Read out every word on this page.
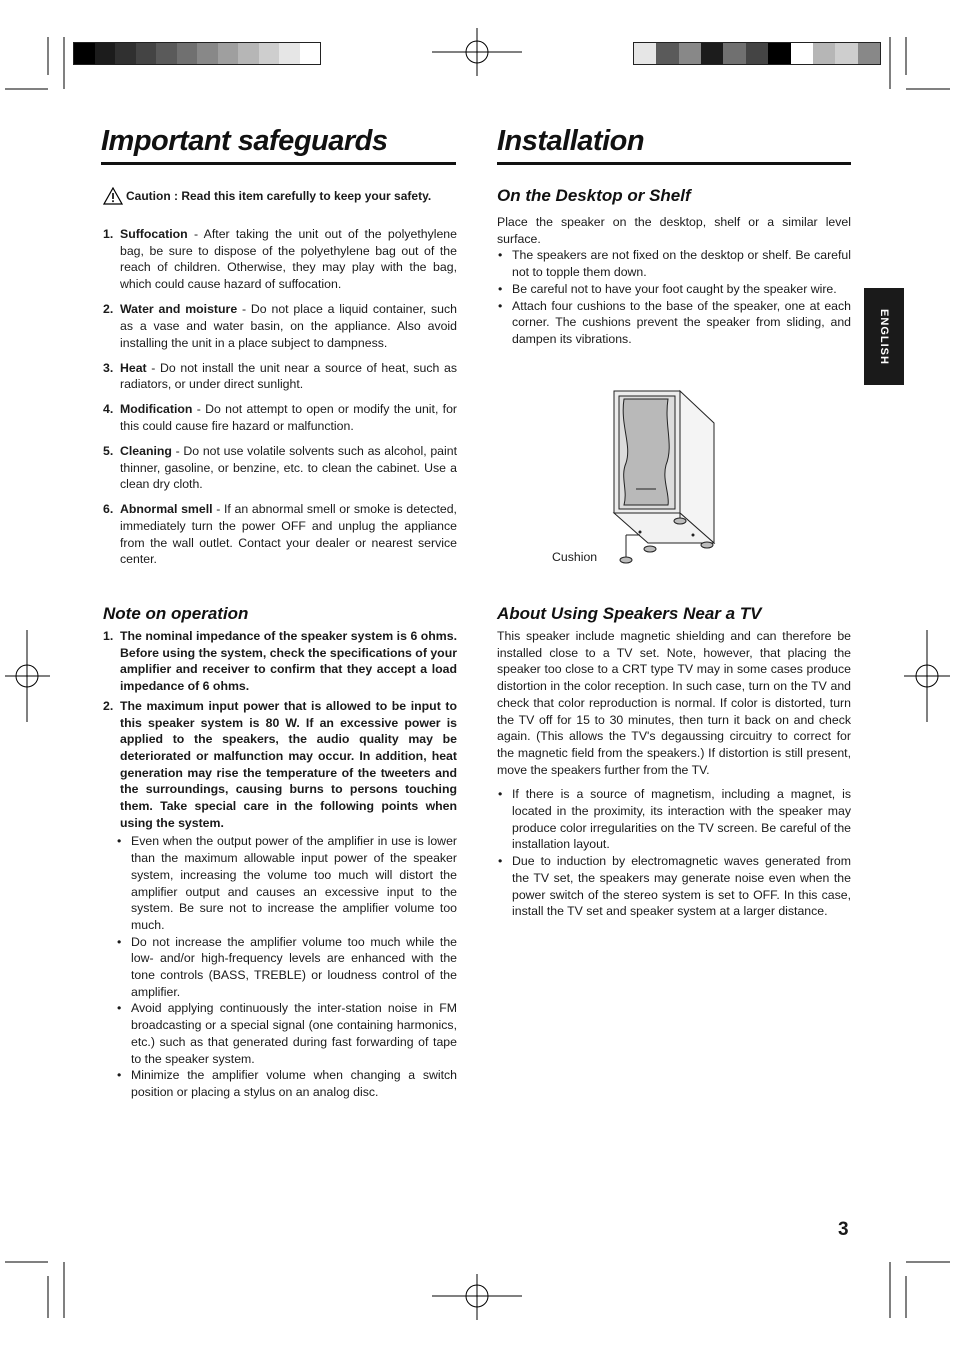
ENGLISH
Important safeguards
Caution : Read this item carefully to keep your safety.
1. Suffocation - After taking the unit out of the polyethylene bag, be sure to dispose of the polyethylene bag out of the reach of children. Otherwise, they may play with the bag, which could cause hazard of suffocation.
2. Water and moisture - Do not place a liquid container, such as a vase and water basin, on the appliance. Also avoid installing the unit in a place subject to dampness.
3. Heat - Do not install the unit near a source of heat, such as radiators, or under direct sunlight.
4. Modification - Do not attempt to open or modify the unit, for this could cause fire hazard or malfunction.
5. Cleaning - Do not use volatile solvents such as alcohol, paint thinner, gasoline, or benzine, etc. to clean the cabinet. Use a clean dry cloth.
6. Abnormal smell - If an abnormal smell or smoke is detected, immediately turn the power OFF and unplug the appliance from the wall outlet. Contact your dealer or nearest service center.
Note on operation
1. The nominal impedance of the speaker system is 6 ohms. Before using the system, check the specifications of your amplifier and receiver to confirm that they accept a load impedance of 6 ohms.
2. The maximum input power that is allowed to be input to this speaker system is 80 W. If an excessive power is applied to the speakers, the audio quality may be deteriorated or malfunction may occur. In addition, heat generation may rise the temperature of the tweeters and the surroundings, causing burns to persons touching them. Take special care in the following points when using the system.
• Even when the output power of the amplifier in use is lower than the maximum allowable input power of the speaker system, increasing the volume too much will distort the amplifier output and causes an excessive input to the system. Be sure not to increase the amplifier volume too much.
• Do not increase the amplifier volume too much while the low- and/or high-frequency levels are enhanced with the tone controls (BASS, TREBLE) or loudness control of the amplifier.
• Avoid applying continuously the inter-station noise in FM broadcasting or a special signal (one containing harmonics, etc.) such as that generated during fast forwarding of tape to the speaker system.
• Minimize the amplifier volume when changing a switch position or placing a stylus on an analog disc.
Installation
On the Desktop or Shelf
Place the speaker on the desktop, shelf or a similar level surface.
• The speakers are not fixed on the desktop or shelf. Be careful not to topple them down.
• Be careful not to have your foot caught by the speaker wire.
• Attach four cushions to the base of the speaker, one at each corner. The cushions prevent the speaker from sliding, and dampen its vibrations.
Cushion
About Using Speakers Near a TV
This speaker include magnetic shielding and can therefore be installed close to a TV set. Note, however, that placing the speaker too close to a CRT type TV may in some cases produce distortion in the color reception. In such case, turn on the TV and check that color reproduction is normal. If color is distorted, turn the TV off for 15 to 30 minutes, then turn it back on and check again. (This allows the TV's degaussing circuitry to correct for the magnetic field from the speakers.) If distortion is still present, move the speakers further from the TV.
• If there is a source of magnetism, including a magnet, is located in the proximity, its interaction with the speaker may produce color irregularities on the TV screen. Be careful of the installation layout.
• Due to induction by electromagnetic waves generated from the TV set, the speakers may generate noise even when the power switch of the stereo system is set to OFF. In this case, install the TV set and speaker system at a larger distance.
3
